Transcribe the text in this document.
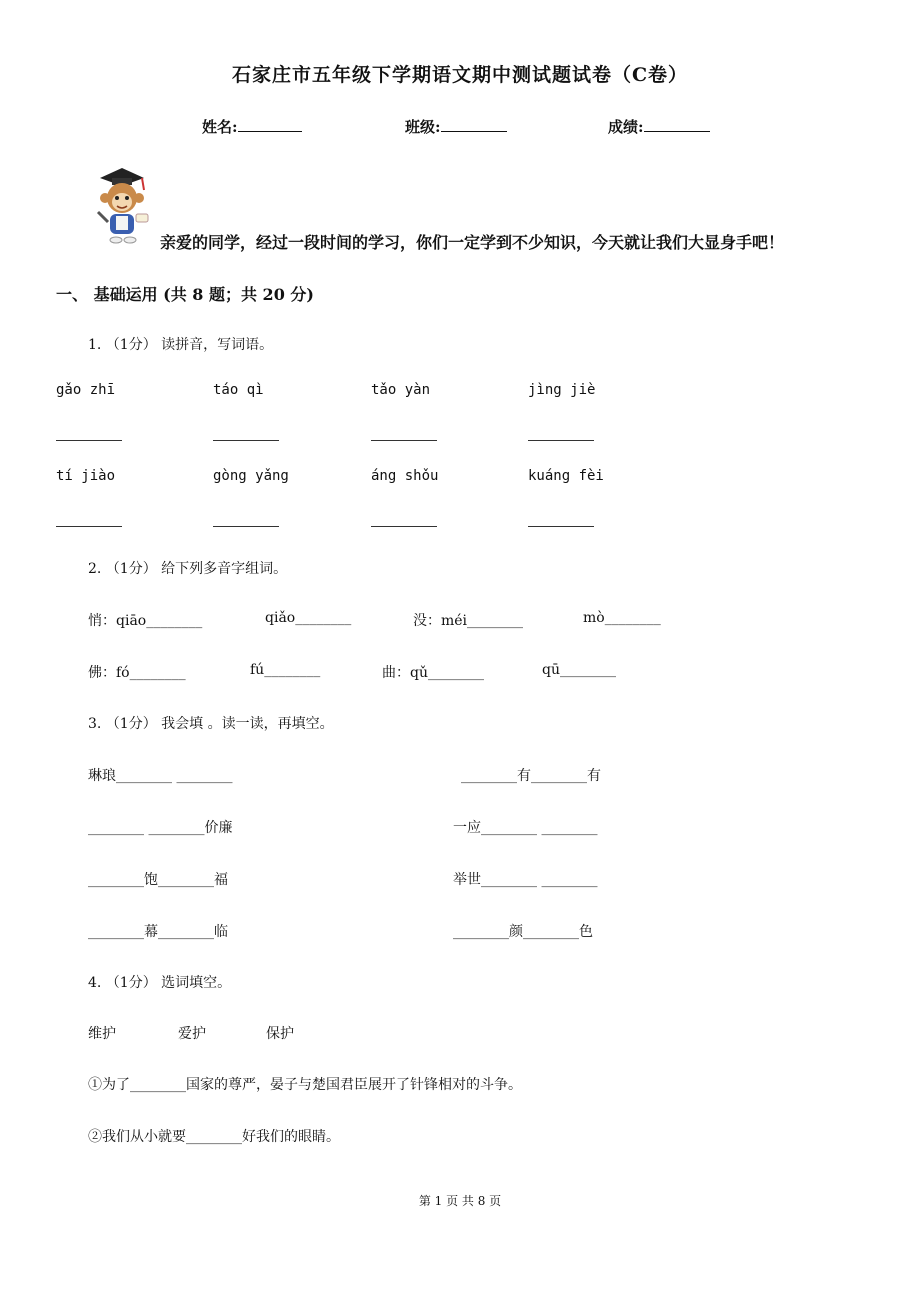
石家庄市五年级下学期语文期中测试题试卷（C卷）
姓名:	班级:	成绩:
亲爱的同学，经过一段时间的学习，你们一定学到不少知识，今天就让我们大显身手吧！
一、 基础运用 (共 8 题；共 20 分)
1. （1分） 读拼音，写词语。
gǎo zhī	táo qì	tǎo yàn	jìng jiè
tí jiào	gòng yǎng	áng shǒu	kuáng fèi
2. （1分） 给下列多音字组词。
悄：qiāo________	qiǎo________	没：méi________	mò________
佛：fó________	fú________	曲：qǔ________	qū________
3. （1分） 我会填 。读一读，再填空。
琳琅________ ________	________有________有
________ ________价廉	一应________ ________
________饱________福	举世________ ________
________幕________临	________颜________色
4. （1分） 选词填空。
维护	爱护	保护
①为了________国家的尊严，晏子与楚国君臣展开了针锋相对的斗争。
②我们从小就要________好我们的眼睛。
第 1 页 共 8 页
